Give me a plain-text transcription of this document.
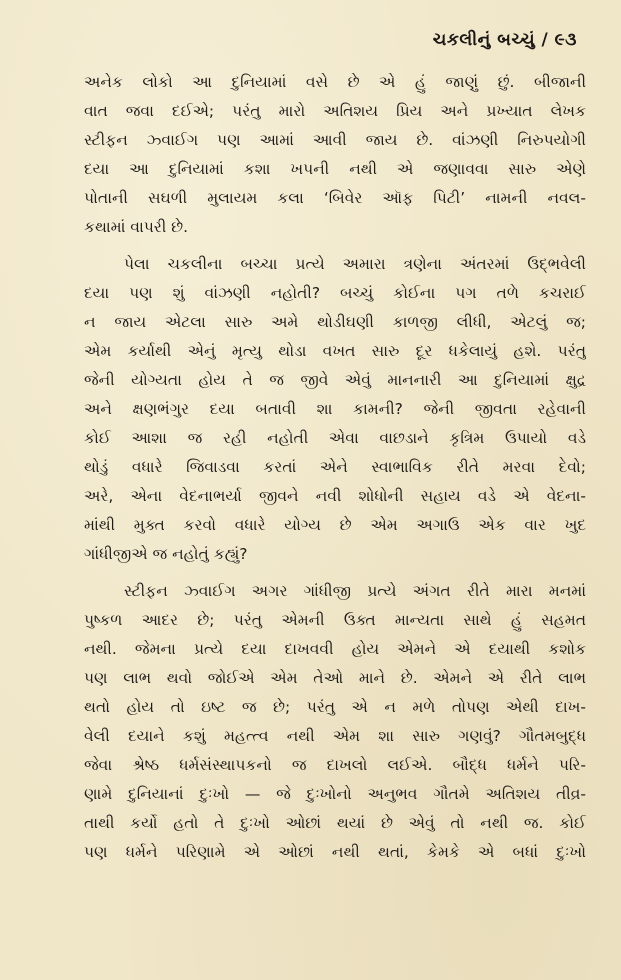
ચકલીનું બચ્ચું / ૯૩
અનેક લોકો આ દુનિયામાં વસે છે એ હું જાણું છું. બીજાની
વાત જવા દઈએ; પરંતુ મારો અતિશય પ્રિય અને પ્રખ્યાત લેખક
સ્ટીફન ઝ્વાઈગ પણ આમાં આવી જાય છે. વાંઝણી નિરુપયોગી
દયા આ દુનિયામાં કશા ખપની નથી એ જણાવવા સારુ એણે
પોતાની સઘળી મુલાયમ કલા ‘બિવેર ઑફ પિટી’ નામની નવલ-
કથામાં વાપરી છે.
પેલા ચકલીના બચ્ચા પ્રત્યે અમારા ત્રણેના અંતરમાં ઉદ્ભવેલી
દયા પણ શું વાંઝણી નહોતી? બચ્ચું કોઈના પગ તળે કચરાઈ
ન જાય એટલા સારુ અમે થોડીઘણી કાળજી લીધી, એટલું જ;
એમ કર્યાથી એનું મૃત્યુ થોડા વખત સારુ દૂર ધકેલાયું હશે. પરંતુ
જેની યોગ્યતા હોય તે જ જીવે એવું માનનારી આ દુનિયામાં ક્ષુદ્ર
અને ક્ષણભંગુર દયા બતાવી શા કામની? જેની જીવતા રહેવાની
કોઈ આશા જ રહી નહોતી એવા વાછડાને કૃત્રિમ ઉપાયો વડે
થોડું વધારે જિવાડવા કરતાં એને સ્વાભાવિક રીતે મરવા દેવો;
અરે, એના વેદનાભર્યા જીવને નવી શોધોની સહાય વડે એ વેદના-
માંથી મુક્ત કરવો વધારે યોગ્ય છે એમ અગાઉ એક વાર ખુદ
ગાંધીજીએ જ નહોતું કહ્યું?
સ્ટીફન ઝ્વાઈગ અગર ગાંધીજી પ્રત્યે અંગત રીતે મારા મનમાં
પુષ્કળ આદર છે; પરંતુ એમની ઉક્ત માન્યતા સાથે હું સહમત
નથી. જેમના પ્રત્યે દયા દાખવવી હોય એમને એ દયાથી કશોક
પણ લાભ થવો જોઈએ એમ તેઓ માને છે. એમને એ રીતે લાભ
થતો હોય તો ઇષ્ટ જ છે; પરંતુ એ ન મળે તોપણ એથી દાખ-
વેલી દયાને કશું મહત્ત્વ નથી એમ શા સારુ ગણવું? ગૌતમબુદ્ધ
જેવા શ્રેષ્ઠ ધર્મસંસ્થાપકનો જ દાખલો લઈએ. બૌદ્ધ ધર્મને પરિ-
ણામે દુનિયાનાં દુઃખો — જે દુઃખોનો અનુભવ ગૌતમે અતિશય તીવ્ર-
તાથી કર્યો હતો તે દુઃખો ઓછાં થયાં છે એવું તો નથી જ. કોઈ
પણ ધર્મને પરિણામે એ ઓછાં નથી થતાં, કેમકે એ બધાં દુઃખો
